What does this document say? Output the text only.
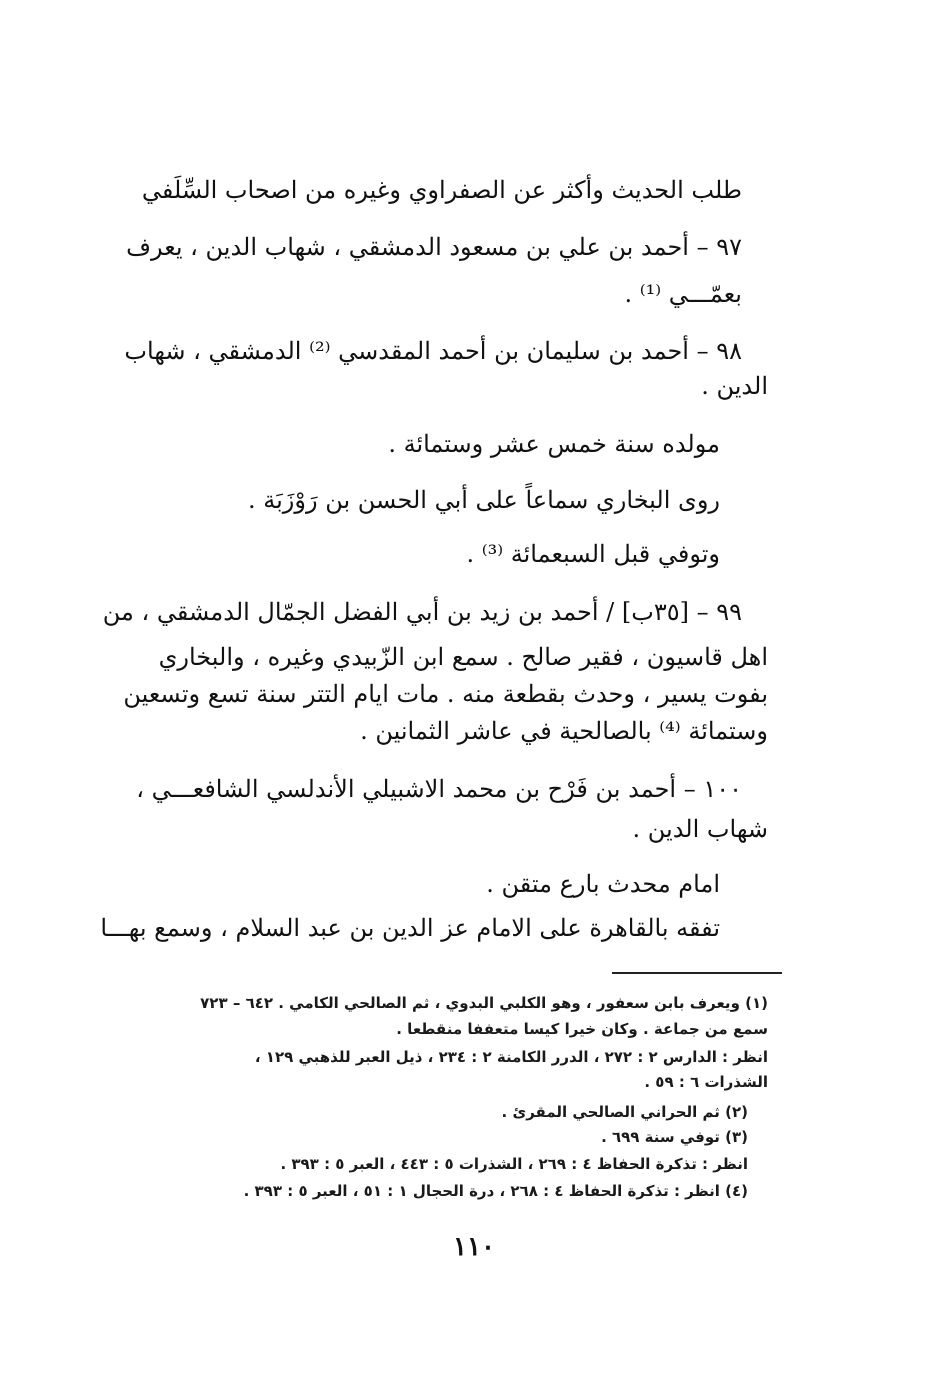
طلب الحديث وأكثر عن الصفراوي وغيره من اصحاب السِّلَفي
٩٧ – أحمد بن علي بن مسعود الدمشقي ، شهاب الدين ، يعرف
بعمّـــي ⁽¹⁾ .
٩٨ – أحمد بن سليمان بن أحمد المقدسي ⁽²⁾ الدمشقي ، شهاب
الدين .
مولده سنة خمس عشر وستمائة .
روى البخاري سماعاً على أبي الحسن بن رَوْزَبَة .
وتوفي قبل السبعمائة ⁽³⁾ .
٩٩ – [٣٥ب] / أحمد بن زيد بن أبي الفضل الجمّال الدمشقي ، من
اهل قاسيون ، فقير صالح . سمع ابن الزّبيدي وغيره ، والبخاري
بفوت يسير ، وحدث بقطعة منه . مات ايام التتر سنة تسع وتسعين
وستمائة ⁽⁴⁾ بالصالحية في عاشر الثمانين .
١٠٠ – أحمد بن فَرْح بن محمد الاشبيلي الأندلسي الشافعـــي ،
شهاب الدين .
امام محدث بارع متقن .
تفقه بالقاهرة على الامام عز الدين بن عبد السلام ، وسمع بهـــا
(١) ويعرف بابن سعفور ، وهو الكلبي البدوي ، ثم الصالحي الكامي . ٦٤٢ – ٧٢٣
سمع من جماعة . وكان خيرا كيسا متعففا منقطعا .
انظر : الدارس ٢ : ٢٧٢ ، الدرر الكامنة ٢ : ٢٣٤ ، ذيل العبر للذهبي ١٢٩ ،
الشذرات ٦ : ٥٩ .
(٢) ثم الحراني الصالحي المقرئ .
(٣) توفي سنة ٦٩٩ .
انظر : تذكرة الحفاظ ٤ : ٢٦٩ ، الشذرات ٥ : ٤٤٣ ، العبر ٥ : ٣٩٣ .
(٤) انظر : تذكرة الحفاظ ٤ : ٢٦٨ ، درة الحجال ١ : ٥١ ، العبر ٥ : ٣٩٣ .
١١٠
